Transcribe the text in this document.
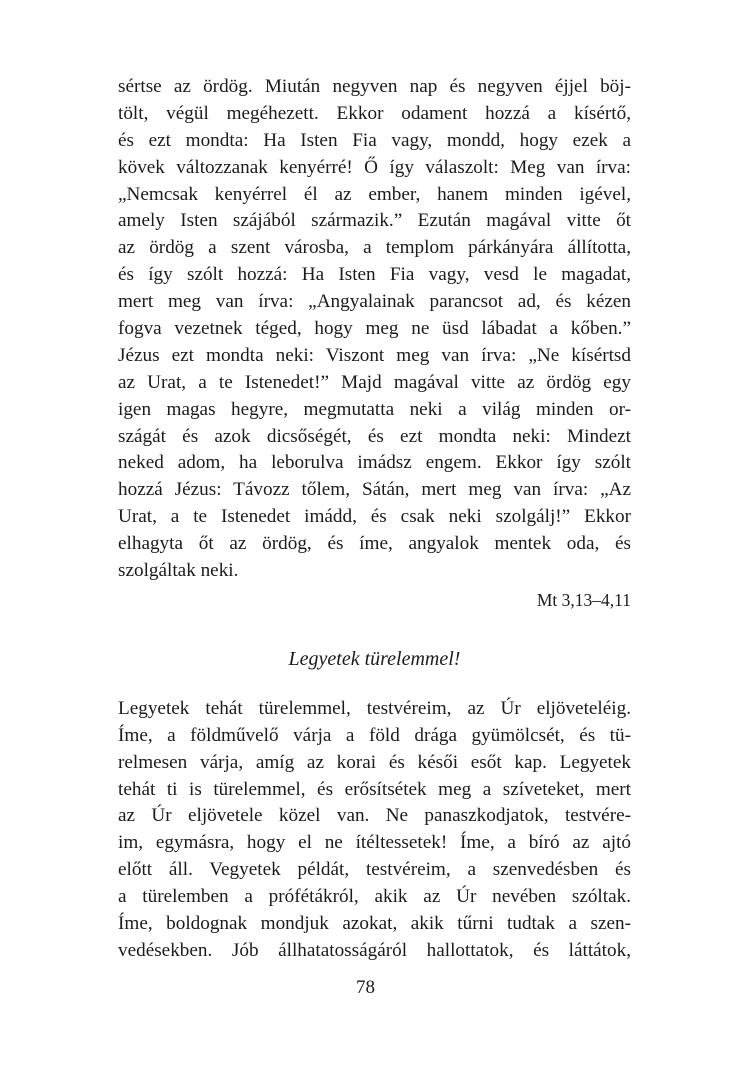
sértse az ördög. Miután negyven nap és negyven éjjel böj-
tölt, végül megéhezett. Ekkor odament hozzá a kísértő,
és ezt mondta: Ha Isten Fia vagy, mondd, hogy ezek a
kövek változzanak kenyérré! Ő így válaszolt: Meg van írva:
„Nemcsak kenyérrel él az ember, hanem minden igével,
amely Isten szájából származik.” Ezután magával vitte őt
az ördög a szent városba, a templom párkányára állította,
és így szólt hozzá: Ha Isten Fia vagy, vesd le magadat,
mert meg van írva: „Angyalainak parancsot ad, és kézen
fogva vezetnek téged, hogy meg ne üsd lábadat a kőben.”
Jézus ezt mondta neki: Viszont meg van írva: „Ne kísértsd
az Urat, a te Istenedet!” Majd magával vitte az ördög egy
igen magas hegyre, megmutatta neki a világ minden or-
szágát és azok dicsőségét, és ezt mondta neki: Mindezt
neked adom, ha leborulva imádsz engem. Ekkor így szólt
hozzá Jézus: Távozz tőlem, Sátán, mert meg van írva: „Az
Urat, a te Istenedet imádd, és csak neki szolgálj!” Ekkor
elhagyta őt az ördög, és íme, angyalok mentek oda, és
szolgáltak neki.
Mt 3,13–4,11
Legyetek türelemmel!
Legyetek tehát türelemmel, testvéreim, az Úr eljöveteléig.
Íme, a földművelő várja a föld drága gyümölcsét, és tü-
relmesen várja, amíg az korai és késői esőt kap. Legyetek
tehát ti is türelemmel, és erősítsétek meg a szíveteket, mert
az Úr eljövetele közel van. Ne panaszkodjatok, testvére-
im, egymásra, hogy el ne ítéltessetek! Íme, a bíró az ajtó
előtt áll. Vegyetek példát, testvéreim, a szenvedésben és
a türelemben a prófétákról, akik az Úr nevében szóltak.
Íme, boldognak mondjuk azokat, akik tűrni tudtak a szen-
vedésekben. Jób állhatatosságáról hallottatok, és láttátok,
78
